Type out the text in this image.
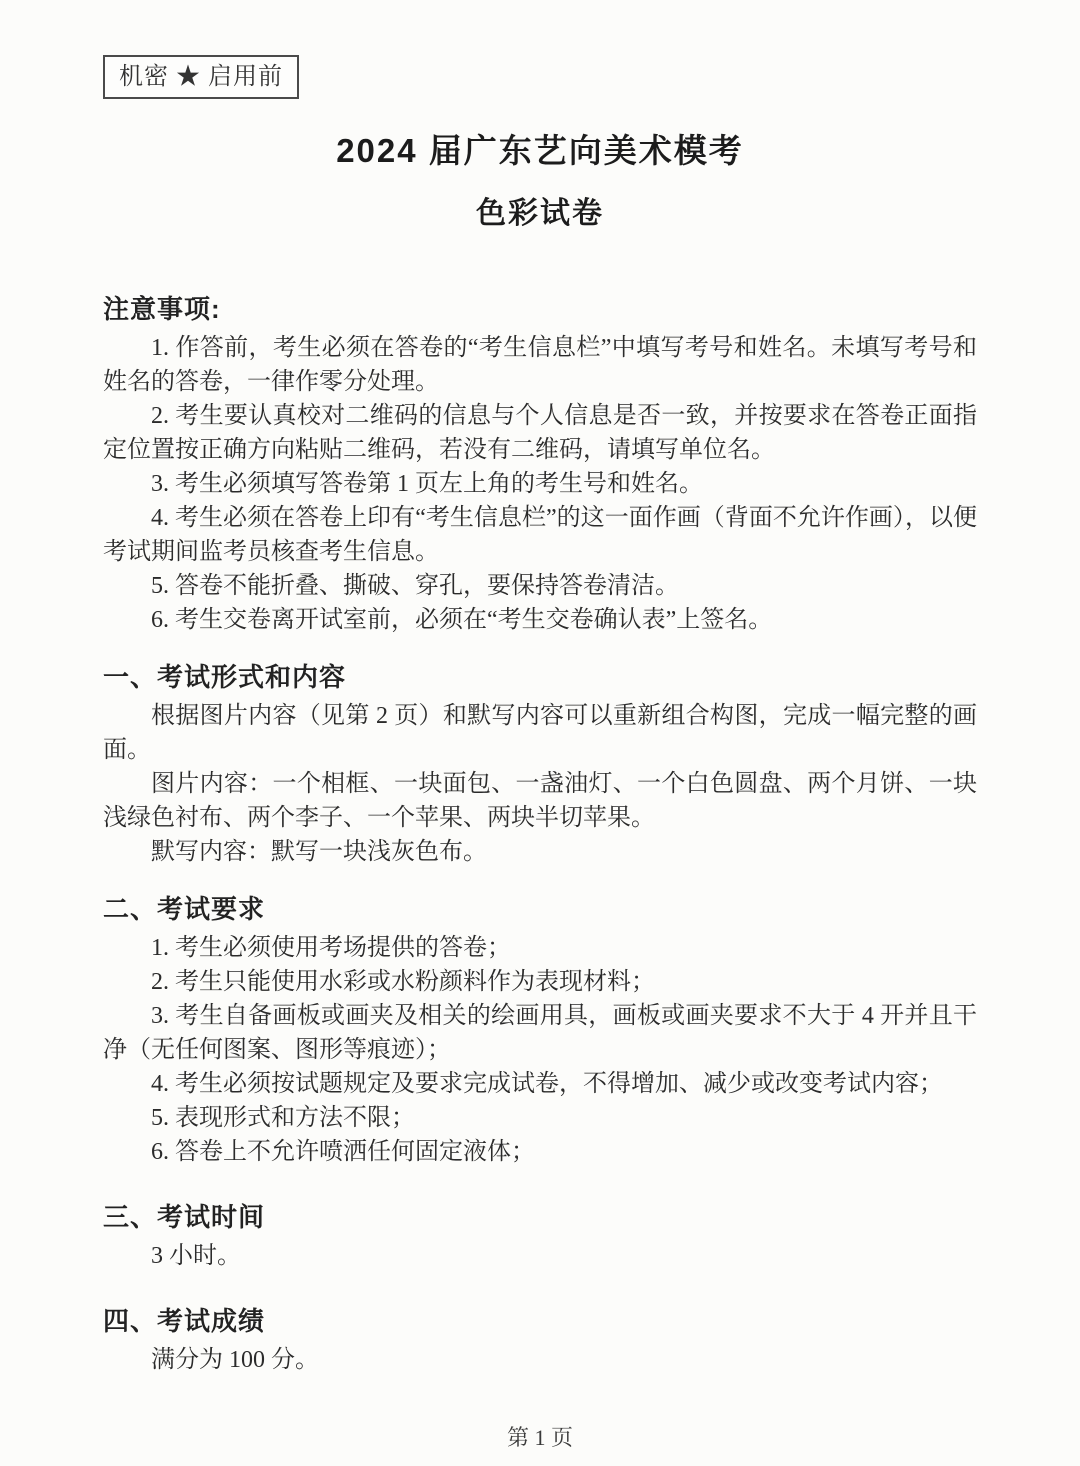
机密 ★ 启用前
2024 届广东艺向美术模考
色彩试卷
注意事项:

1. 作答前，考生必须在答卷的“考生信息栏”中填写考号和姓名。未填写考号和姓名的答卷，一律作零分处理。

2. 考生要认真校对二维码的信息与个人信息是否一致，并按要求在答卷正面指定位置按正确方向粘贴二维码，若没有二维码，请填写单位名。

3. 考生必须填写答卷第 1 页左上角的考生号和姓名。

4. 考生必须在答卷上印有“考生信息栏”的这一面作画（背面不允许作画），以便考试期间监考员核查考生信息。

5. 答卷不能折叠、撕破、穿孔，要保持答卷清洁。

6. 考生交卷离开试室前，必须在“考生交卷确认表”上签名。

一、考试形式和内容

根据图片内容（见第 2 页）和默写内容可以重新组合构图，完成一幅完整的画面。

图片内容：一个相框、一块面包、一盏油灯、一个白色圆盘、两个月饼、一块浅绿色衬布、两个李子、一个苹果、两块半切苹果。

默写内容：默写一块浅灰色布。

二、考试要求

1. 考生必须使用考场提供的答卷；

2. 考生只能使用水彩或水粉颜料作为表现材料；

3. 考生自备画板或画夹及相关的绘画用具，画板或画夹要求不大于 4 开并且干净（无任何图案、图形等痕迹）；

4. 考生必须按试题规定及要求完成试卷，不得增加、减少或改变考试内容；

5. 表现形式和方法不限；

6. 答卷上不允许喷洒任何固定液体；

三、考试时间

3 小时。

四、考试成绩

满分为 100 分。

第 1 页
